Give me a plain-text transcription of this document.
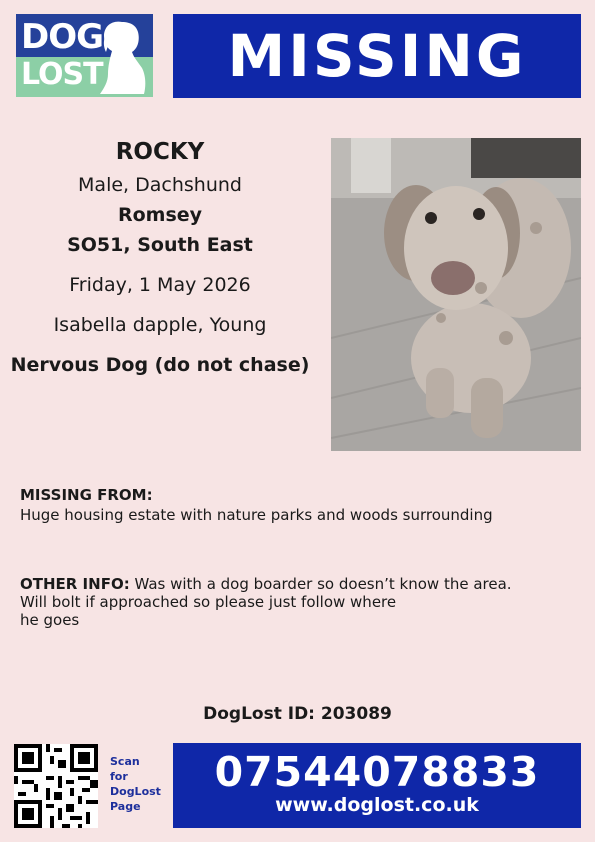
DOG
LOST	MISSING
ROCKY
Male, Dachshund
Romsey
SO51, South East
Friday, 1 May 2026
Isabella dapple, Young
Nervous Dog (do not chase)
MISSING FROM:
Huge housing estate with nature parks and woods surrounding
OTHER INFO: Was with a dog boarder so doesn’t know the area.
Will bolt if approached so please just follow where
he goes
DogLost ID: 203089
Scan
for
DogLost
Page
07544078833
www.doglost.co.uk
